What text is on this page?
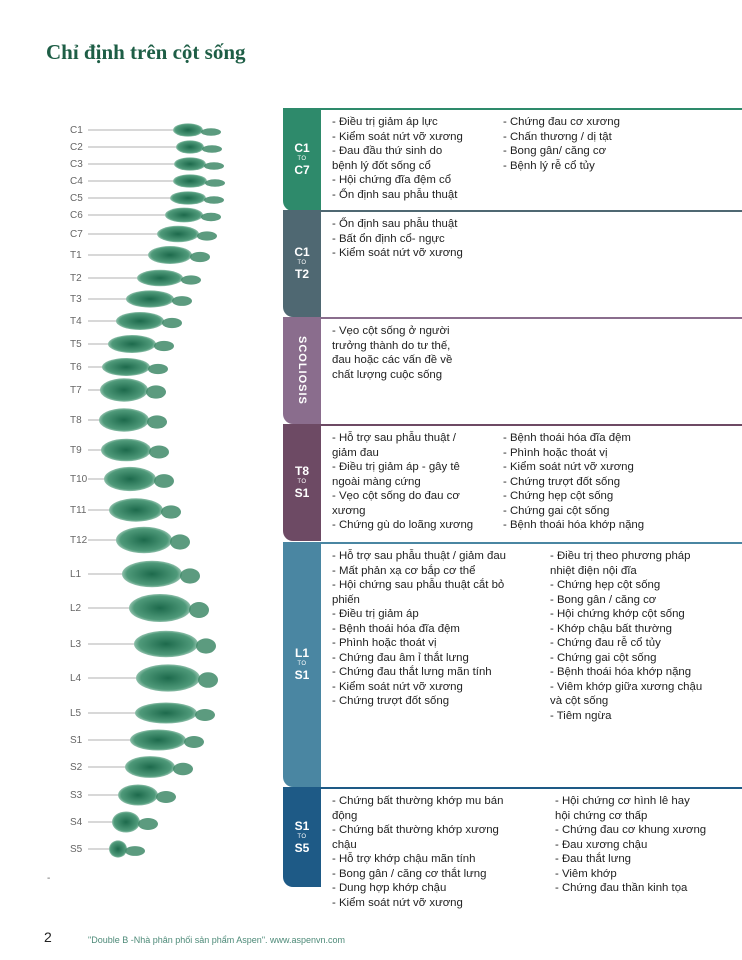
Chỉ định trên cột sống
C1
C2
C3
C4
C5
C6
C7
T1
T2
T3
T4
T5
T6
T7
T8
T9
T10
T11
T12
L1
L2
L3
L4
L5
S1
S2
S3
S4
S5
C1
TO
C7
- Điều trị giảm áp lực
- Kiểm soát nứt vỡ xương
- Đau đầu thứ sinh do
bệnh lý đốt sống cổ
- Hội chứng đĩa đệm cổ
- Ổn định sau phẫu thuật
- Chứng đau cơ xương
- Chấn thương / dị tật
- Bong gân/ căng cơ
- Bệnh lý rễ cổ tủy
C1
TO
T2
- Ổn định sau phẫu thuật
- Bất ổn định cổ- ngực
- Kiểm soát nứt vỡ xương
SCOLIOSIS
- Vẹo cột sống ở người
trưởng thành do tư thế,
đau hoặc các vấn đề về
chất lượng cuộc sống
T8
TO
S1
- Hỗ trợ sau phẫu thuật /
giảm đau
- Điều trị giảm áp - gây tê
ngoài màng cứng
- Vẹo cột sống do đau cơ
xương
- Chứng gù do loãng xương
- Bệnh thoái hóa đĩa đệm
- Phình hoặc thoát vị
- Kiểm soát nứt vỡ xương
- Chứng trượt đốt sống
- Chứng hẹp cột sống
- Chứng gai cột sống
- Bệnh thoái hóa khớp nặng
L1
TO
S1
- Hỗ trợ sau phẫu thuật / giảm đau
- Mất phản xạ cơ bắp cơ thể
- Hội chứng sau phẫu thuật cắt bỏ
phiến
- Điều trị giảm áp
- Bệnh thoái hóa đĩa đệm
- Phình hoặc thoát vị
- Chứng đau âm ỉ thắt lưng
- Chứng đau thắt lưng mãn tính
- Kiểm soát nứt vỡ xương
- Chứng trượt đốt sống
- Điều trị theo phương pháp
nhiệt điện nội đĩa
- Chứng hẹp cột sống
- Bong gân / căng cơ
- Hội chứng khớp cột sống
- Khớp chậu bất thường
- Chứng đau rễ cổ tủy
- Chứng gai cột sống
- Bệnh thoái hóa khớp nặng
- Viêm khớp giữa xương chậu
và cột sống
- Tiêm ngừa
S1
TO
S5
- Chứng bất thường khớp mu bán
động
- Chứng bất thường khớp xương
chậu
- Hỗ trợ khớp chậu mãn tính
- Bong gân / căng cơ thắt lưng
- Dung hợp khớp chậu
- Kiểm soát nứt vỡ xương
- Hội chứng cơ hình lê hay
hội chứng cơ thấp
- Chứng đau cơ khung xương
- Đau xương chậu
- Đau thắt lưng
- Viêm khớp
- Chứng đau thần kinh tọa
-
2	"Double B -Nhà phân phối sản phẩm Aspen". www.aspenvn.com
